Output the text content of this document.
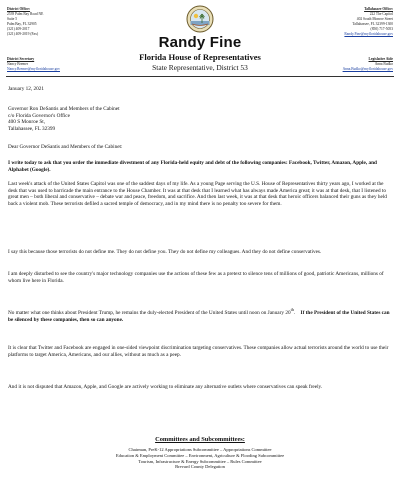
District Office:
2539 Palm Bay Road NE
Suite 5
Palm Bay, FL 32905
(321) 409-2017
(321) 409-2019 (Fax)
Tallahassee Office:
222 The Capitol
402 South Monroe Street
Tallahassee, FL 32399-1300
(850) 717-5053
Randy.Fine@myfloridahouse.gov
District Secretary
Nancy Bremer
Nancy.Bremer@myfloridahouse.gov
Legislative Aide
Anna Budko
Anna.Budko@myfloridahouse.gov
Randy Fine
Florida House of Representatives
State Representative, District 53
January 12, 2021
Governor Ron DeSantis and Members of the Cabinet
c/o Florida Governor's Office
400 S Monroe St,
Tallahassee, FL 32399
Dear Governor DeSantis and Members of the Cabinet:

I write today to ask that you order the immediate divestment of any Florida-held equity and debt of the following companies: Facebook, Twitter, Amazon, Apple, and Alphabet (Google).

Last week's attack of the United States Capitol was one of the saddest days of my life. As a young Page serving the U.S. House of Representatives thirty years ago, I worked at the desk that was used to barricade the main entrance to the House Chamber. It was at that desk that I learned what has always made America great; it was at that desk, that I listened to great men – both liberal and conservative – debate war and peace, freedom, and sacrifice. And then last week, it was at that desk that heroic officers balanced their guns as they held back a violent mob. These terrorists defiled a sacred temple of democracy, and in my mind there is no penalty too severe for them.

I say this because those terrorists do not define me. They do not define you. They do not define my colleagues. And they do not define conservatives.

I am deeply disturbed to see the country's major technology companies use the actions of these few as a pretext to silence tens of millions of good, patriotic Americans, millions of whom live here in Florida.

No matter what one thinks about President Trump, he remains the duly-elected President of the United States until noon on January 20th.    If the President of the United States can be silenced by these companies, then so can anyone.

It is clear that Twitter and Facebook are engaged in one-sided viewpoint discrimination targeting conservatives. These companies allow actual terrorists around the world to use their platforms to target America, Americans, and our allies, without as much as a peep.

And it is not disputed that Amazon, Apple, and Google are actively working to eliminate any alternative outlets where conservatives can speak freely.

Committees and Subcommittees:
Chairman, PreK-12 Appropriations Subcommittee – Appropriations Committee
Education & Employment Committee – Environment, Agriculture & Flooding Subcommittee
Tourism, Infrastructure & Energy Subcommittee – Rules Committee
Brevard County Delegation
